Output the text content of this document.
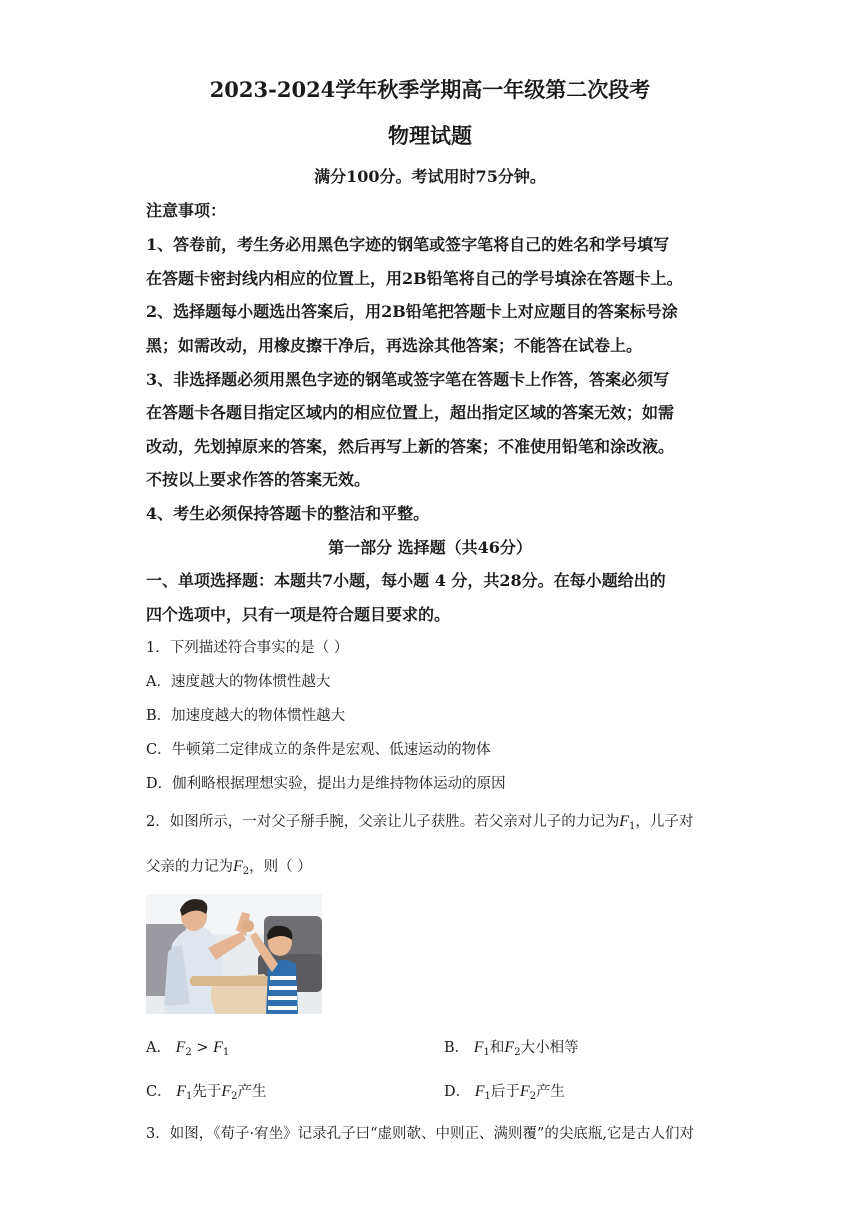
2023-2024学年秋季学期高一年级第二次段考
物理试题
满分100分。考试用时75分钟。
注意事项：
1、答卷前，考生务必用黑色字迹的钢笔或签字笔将自己的姓名和学号填写
在答题卡密封线内相应的位置上，用2B铅笔将自己的学号填涂在答题卡上。
2、选择题每小题选出答案后，用2B铅笔把答题卡上对应题目的答案标号涂
黑；如需改动，用橡皮擦干净后，再选涂其他答案；不能答在试卷上。
3、非选择题必须用黑色字迹的钢笔或签字笔在答题卡上作答，答案必须写
在答题卡各题目指定区域内的相应位置上，超出指定区域的答案无效；如需
改动，先划掉原来的答案，然后再写上新的答案；不准使用铅笔和涂改液。
不按以上要求作答的答案无效。
4、考生必须保持答题卡的整洁和平整。
第一部分 选择题（共46分）
一、单项选择题：本题共7小题，每小题 4 分，共28分。在每小题给出的
四个选项中，只有一项是符合题目要求的。
1．下列描述符合事实的是（ ）
A．速度越大的物体惯性越大
B．加速度越大的物体惯性越大
C．牛顿第二定律成立的条件是宏观、低速运动的物体
D．伽利略根据理想实验，提出力是维持物体运动的原因
2．如图所示，一对父子掰手腕，父亲让儿子获胜。若父亲对儿子的力记为$F_1$，儿子对
父亲的力记为$F_2$，则（ ）
A． $F_2 > F_1$	B． $F_1$和$F_2$大小相等
C． $F_1$先于$F_2$产生	D． $F_1$后于$F_2$产生
3．如图，《荀子·宥坐》记录孔子曰“虚则欹、中则正、满则覆”的尖底瓶,它是古人们对
